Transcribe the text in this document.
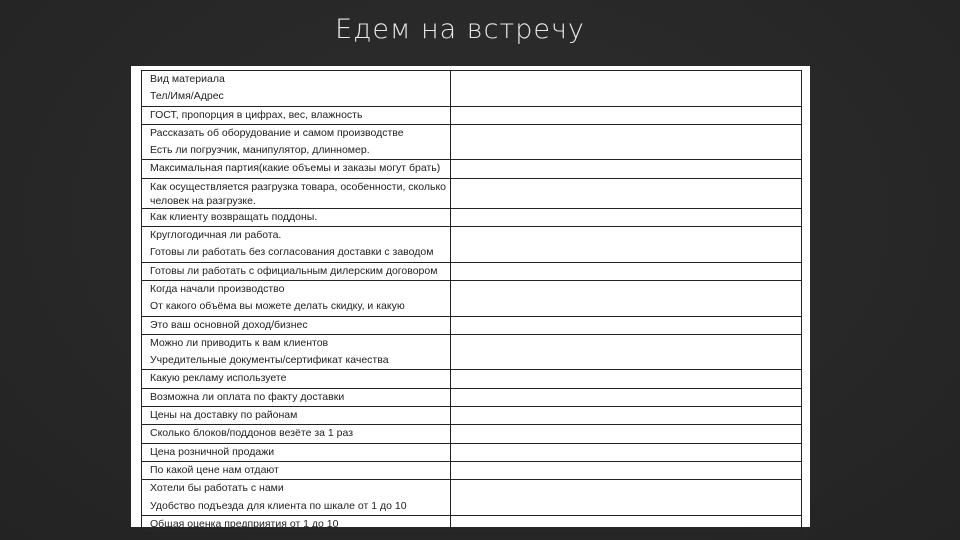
Едем на встречу
Вид материала
Тел/Имя/Адрес	

ГОСТ, пропорция в цифрах, вес, влажность	

Рассказать об оборудование и самом производстве
Есть ли погрузчик, манипулятор, длинномер.	

Максимальная партия(какие объемы и заказы могут брать)	

Как осуществляется разгрузка товара, особенности, сколько человек на разгрузке.	

Как клиенту возвращать поддоны.	

Круглогодичная ли работа.
Готовы ли работать без согласования доставки с заводом	

Готовы ли работать с официальным дилерским договором	

Когда начали производство
От какого объёма вы можете делать скидку, и какую	

Это ваш основной доход/бизнес	

Можно ли приводить к вам клиентов
Учредительные документы/сертификат качества	

Какую рекламу используете	

Возможна ли оплата по факту доставки	

Цены на доставку по районам	

Сколько блоков/поддонов везёте за 1 раз	

Цена розничной продажи	

По какой цене нам отдают	

Хотели бы работать с нами
Удобство подъезда для клиента по шкале от 1 до 10	

Общая оценка предприятия от 1 до 10	
